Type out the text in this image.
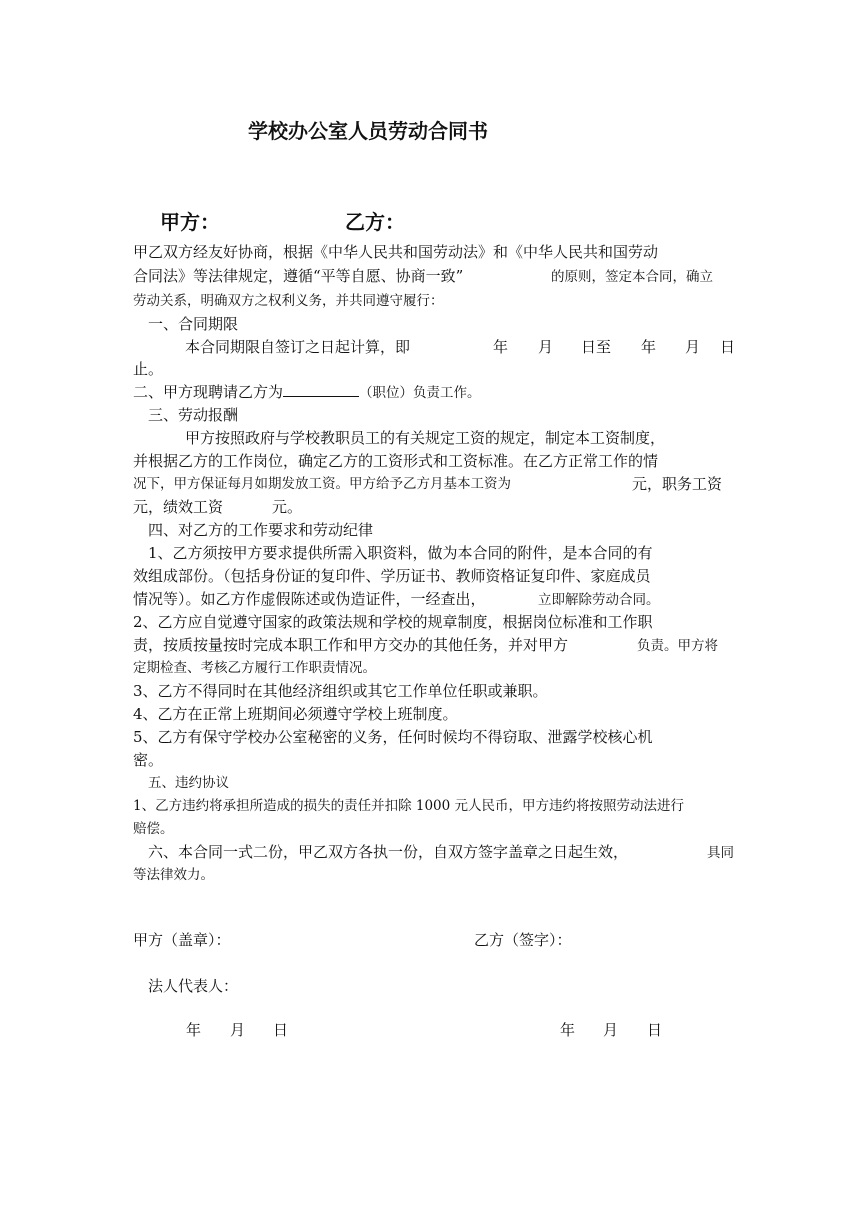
学校办公室人员劳动合同书
甲方：	乙方：
甲乙双方经友好协商，根据《中华人民共和国劳动法》和《中华人民共和国劳动
合同法》等法律规定，遵循“平等自愿、协商一致”	的原则，签定本合同，确立
劳动关系，明确双方之权利义务，并共同遵守履行：
一、合同期限
本合同期限自签订之日起计算，即	年 月 日至 年 月 日
止。
二、甲方现聘请乙方为	（职位）负责工作。
三、劳动报酬
甲方按照政府与学校教职员工的有关规定工资的规定，制定本工资制度，
并根据乙方的工作岗位，确定乙方的工资形式和工资标准。在乙方正常工作的情
况下，甲方保证每月如期发放工资。甲方给予乙方月基本工资为	元，职务工资
元，绩效工资	元。
四、对乙方的工作要求和劳动纪律
1、乙方须按甲方要求提供所需入职资料，做为本合同的附件，是本合同的有
效组成部份。（包括身份证的复印件、学历证书、教师资格证复印件、家庭成员
情况等）。如乙方作虚假陈述或伪造证件，一经查出，	立即解除劳动合同。
2、乙方应自觉遵守国家的政策法规和学校的规章制度，根据岗位标准和工作职
责，按质按量按时完成本职工作和甲方交办的其他任务，并对甲方	负责。甲方将
定期检查、考核乙方履行工作职责情况。
3、乙方不得同时在其他经济组织或其它工作单位任职或兼职。
4、乙方在正常上班期间必须遵守学校上班制度。
5、乙方有保守学校办公室秘密的义务，任何时候均不得窃取、泄露学校核心机
密。
五、违约协议
1、乙方违约将承担所造成的损失的责任并扣除 1000 元人民币，甲方违约将按照劳动法进行
赔偿。
六、本合同一式二份，甲乙双方各执一份，自双方签字盖章之日起生效，	具同
等法律效力。
甲方（盖章）：	乙方（签字）：
法人代表人：
年 月 日	年 月 日
